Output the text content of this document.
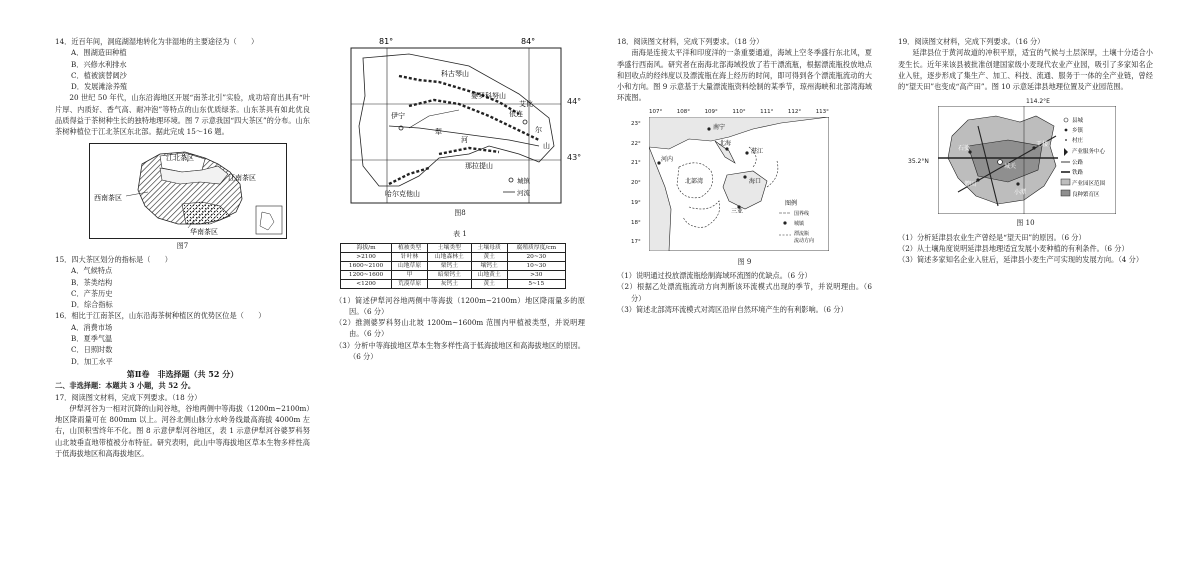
14．近百年间，洞庭湖湿地转化为非湿地的主要途径为（　　）

A．围湖造田种植

B．兴修水利排水

C．植被演替阔沙

D．发展滩涂养殖

20 世纪 50 年代，山东沿海地区开展“南茶北引”实验，成功培育出具有“叶片厚、内质好、香气高、耐冲泡”等特点的山东优质绿茶。山东茶具有如此优良品质得益于茶树种生长的独特地理环境。图 7 示意我国“四大茶区”的分布。山东茶树种植位于江北茶区东北部。据此完成 15～16 题。

江北茶区
江南茶区
西南茶区
华南茶区

图7

15．四大茶区划分的指标是（　　）

A．气候特点

B．茶类结构

C．产茶历史

D．综合指标

16．相比于江南茶区，山东沿海茶树种植区的优势区位是（　　）

A．消费市场

B．夏季气温

C．日照时数

D．加工水平

第Ⅱ卷　非选择题（共 52 分）

二、非选择题：本题共 3 小题，共 52 分。

17．阅读图文材料，完成下列要求。（18 分）

伊犁河谷为一相对沉降的山间谷地，谷地两侧中等海拔（1200m~2100m）地区降雨量可在 800mm 以上。河谷北侧山脉分水岭务线最高海拔 4000m 左右，山顶积雪终年不化。图 8 示意伊犁河谷地区，表 1 示意伊犁河谷婆罗科努山北坡垂直地带植被分布特征。研究表明，此山中等海拔地区草本生物多样性高于低海拔地区和高海拔地区。

81°	84°
科古琴山
婆罗科努山
伊宁
犁
河
那拉提山
哈尔克他山
依连
尔
山
艾比
城镇
河流
44°
43°

图8

表 1

海拔/m	植被类型	土壤类型	土壤母质	腐殖质厚度/cm
>2100	针叶林	山地森林土	黄土	20~30
1600~2100	山地草原	栗钙土	壤钙土	10~30
1200~1600	甲	暗栗钙土	山地黄土	>30
<1200	荒漠草原	灰钙土	黄土	5~15

（1）简述伊犁河谷地两侧中等海拔（1200m~2100m）地区降雨量多的原因。（6 分）

（2）推测婆罗科努山北坡 1200m~1600m 范围内甲植被类型，并说明理由。（6 分）

（3）分析中等海拔地区草本生物多样性高于低海拔地区和高海拔地区的原因。（6 分）

18．阅读图文材料，完成下列要求。（18 分）

南海是连接太平洋和印度洋的一条重要通道，海域上空冬季盛行东北风，夏季盛行西南风。研究者在南海北部海域投放了若干漂流瓶，根据漂流瓶投放地点和回收点的经纬度以及漂流瓶在海上经历的时间，即可得到各个漂流瓶流动的大小和方向。图 9 示意基于大量漂流瓶资料绘制的某季节，琼州海峡和北部湾海域环流图。

107°	108°	109°	110°	111°	112°	113°
23°
22°
21°
20°
19°
18°
17°
南宁
北海
湛江
河内
北部湾	海口
三亚
图例
国界线
城镇
漂流瓶
流动方向

图 9

（1）说明通过投放漂流瓶绘制海域环流图的优缺点。（6 分）

（2）根据乙处漂流瓶流动方向判断该环流模式出现的季节，并说明理由。（6 分）

（3）简述北部湾环流模式对湾区沿岸自然环境产生的有利影响。（6 分）

19．阅读图文材料，完成下列要求。（16 分）

延津县位于黄河故道的冲积平原，适宜的气候与土层深厚，土壤十分适合小麦生长。近年来该县被批准创建国家级小麦现代农业产业园，吸引了多家知名企业入驻，逐步形成了集生产、加工、科技、流通、服务于一体的全产业链，曾经的“望天田”也变成“高产田”。图 10 示意延津县地理位置及产业园范围。

114.2°E
35.2°N
石婆
王楼
僧固
城关
小潭
县城
乡镇
村庄
产业服务中心
公路
铁路
产业园区范围
良种繁育区

图 10

（1）分析延津县农业生产曾经是“望天田”的原因。（6 分）

（2）从土壤角度说明延津县地理适宜发展小麦种植的有利条件。（6 分）

（3）简述多家知名企业入驻后，延津县小麦生产可实现的发展方向。（4 分）
